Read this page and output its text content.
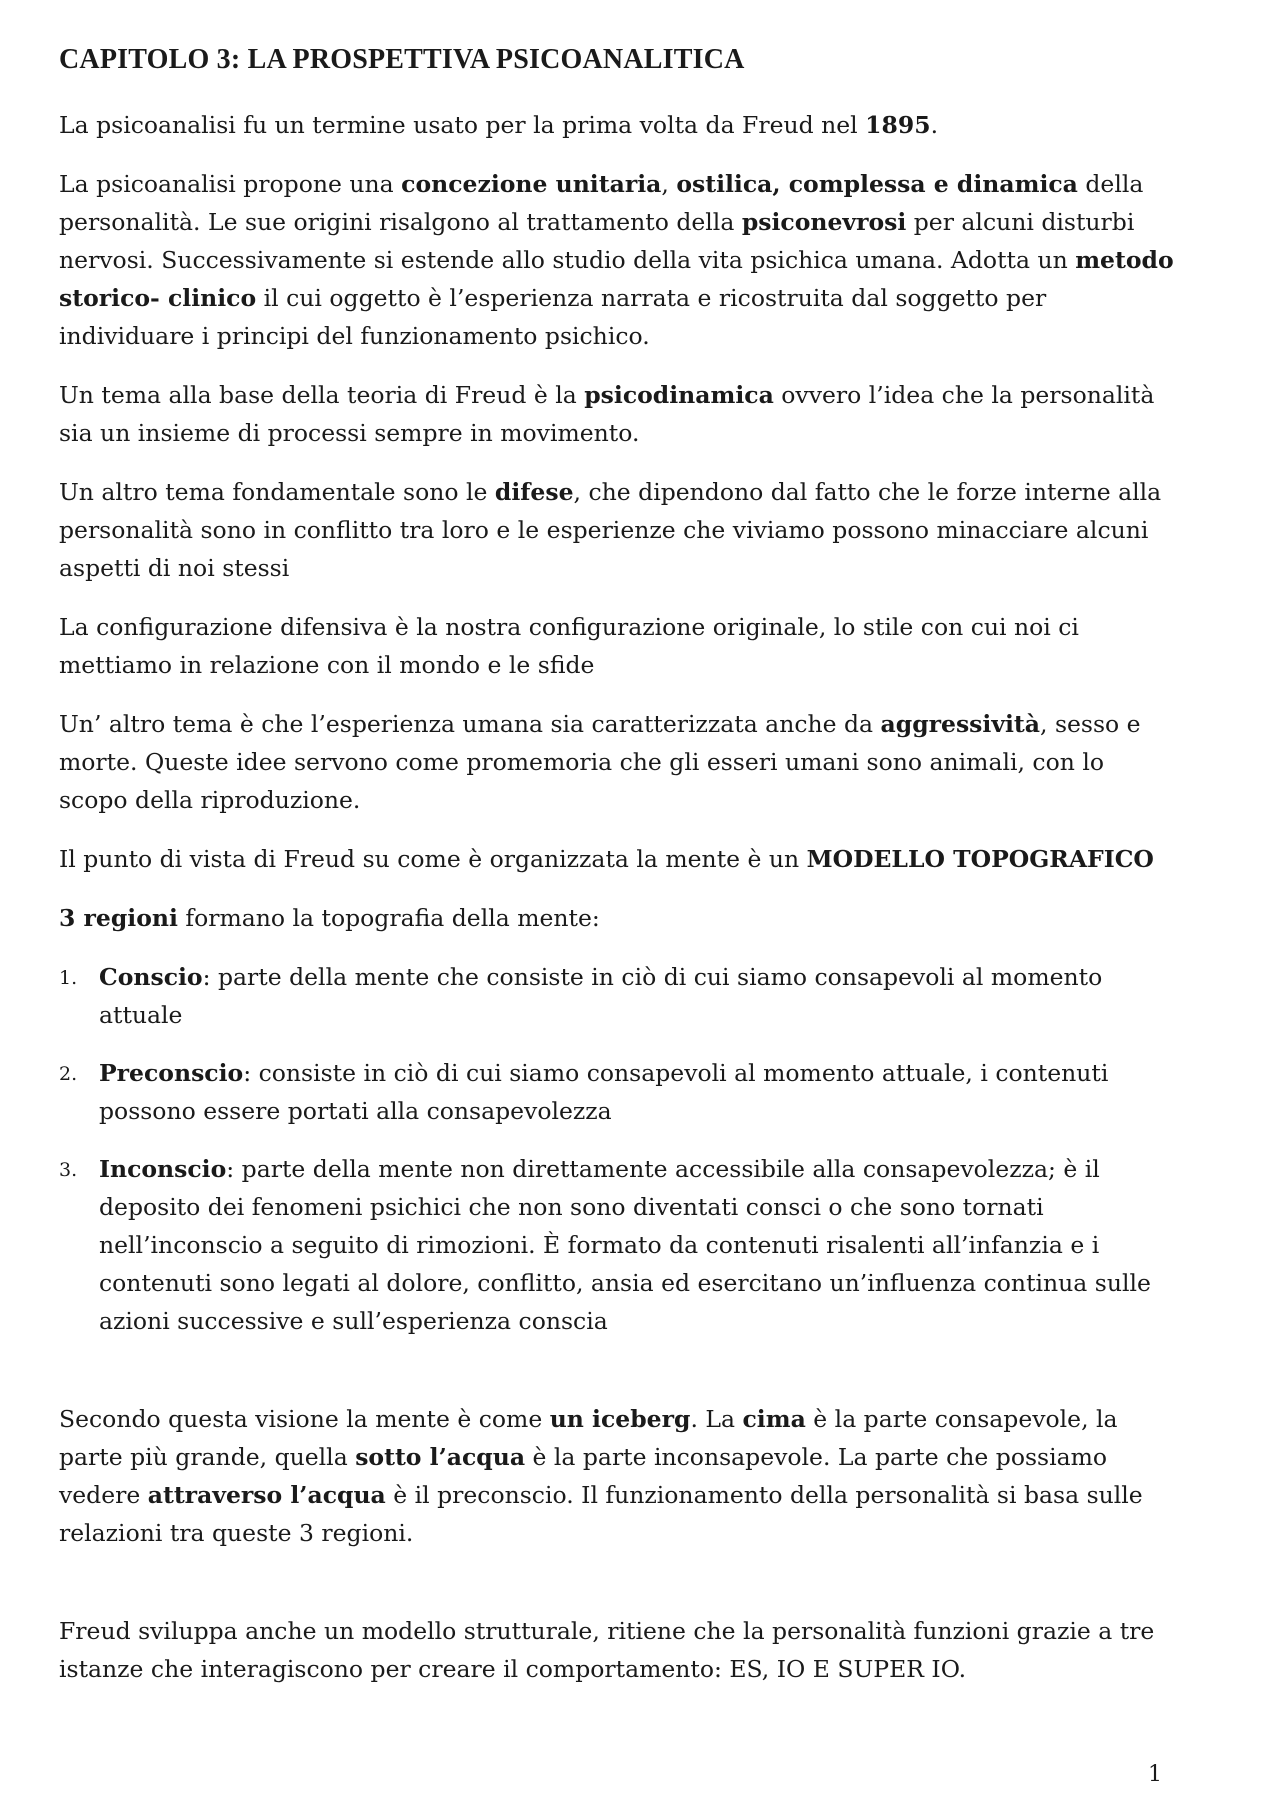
CAPITOLO 3: LA PROSPETTIVA PSICOANALITICA

La psicoanalisi fu un termine usato per la prima volta da Freud nel 1895.

La psicoanalisi propone una concezione unitaria, ostilica, complessa e dinamica della personalità. Le sue origini risalgono al trattamento della psiconevrosi per alcuni disturbi nervosi. Successivamente si estende allo studio della vita psichica umana. Adotta un metodo storico- clinico il cui oggetto è l’esperienza narrata e ricostruita dal soggetto per individuare i principi del funzionamento psichico.

Un tema alla base della teoria di Freud è la psicodinamica ovvero l’idea che la personalità sia un insieme di processi sempre in movimento.

Un altro tema fondamentale sono le difese, che dipendono dal fatto che le forze interne alla personalità sono in conflitto tra loro e le esperienze che viviamo possono minacciare alcuni aspetti di noi stessi

La configurazione difensiva è la nostra configurazione originale, lo stile con cui noi ci mettiamo in relazione con il mondo e le sfide

Un’ altro tema è che l’esperienza umana sia caratterizzata anche da aggressività, sesso e morte. Queste idee servono come promemoria che gli esseri umani sono animali, con lo scopo della riproduzione.

Il punto di vista di Freud su come è organizzata la mente è un MODELLO TOPOGRAFICO

3 regioni formano la topografia della mente:

1. Conscio: parte della mente che consiste in ciò di cui siamo consapevoli al momento attuale
2. Preconscio: consiste in ciò di cui siamo consapevoli al momento attuale, i contenuti possono essere portati alla consapevolezza
3. Inconscio: parte della mente non direttamente accessibile alla consapevolezza; è il deposito dei fenomeni psichici che non sono diventati consci o che sono tornati nell’inconscio a seguito di rimozioni. È formato da contenuti risalenti all’infanzia e i contenuti sono legati al dolore, conflitto, ansia ed esercitano un’influenza continua sulle azioni successive e sull’esperienza conscia

Secondo questa visione la mente è come un iceberg. La cima è la parte consapevole, la parte più grande, quella sotto l’acqua è la parte inconsapevole. La parte che possiamo vedere attraverso l’acqua è il preconscio. Il funzionamento della personalità si basa sulle relazioni tra queste 3 regioni.

Freud sviluppa anche un modello strutturale, ritiene che la personalità funzioni grazie a tre istanze che interagiscono per creare il comportamento: ES, IO E SUPER IO.

1
